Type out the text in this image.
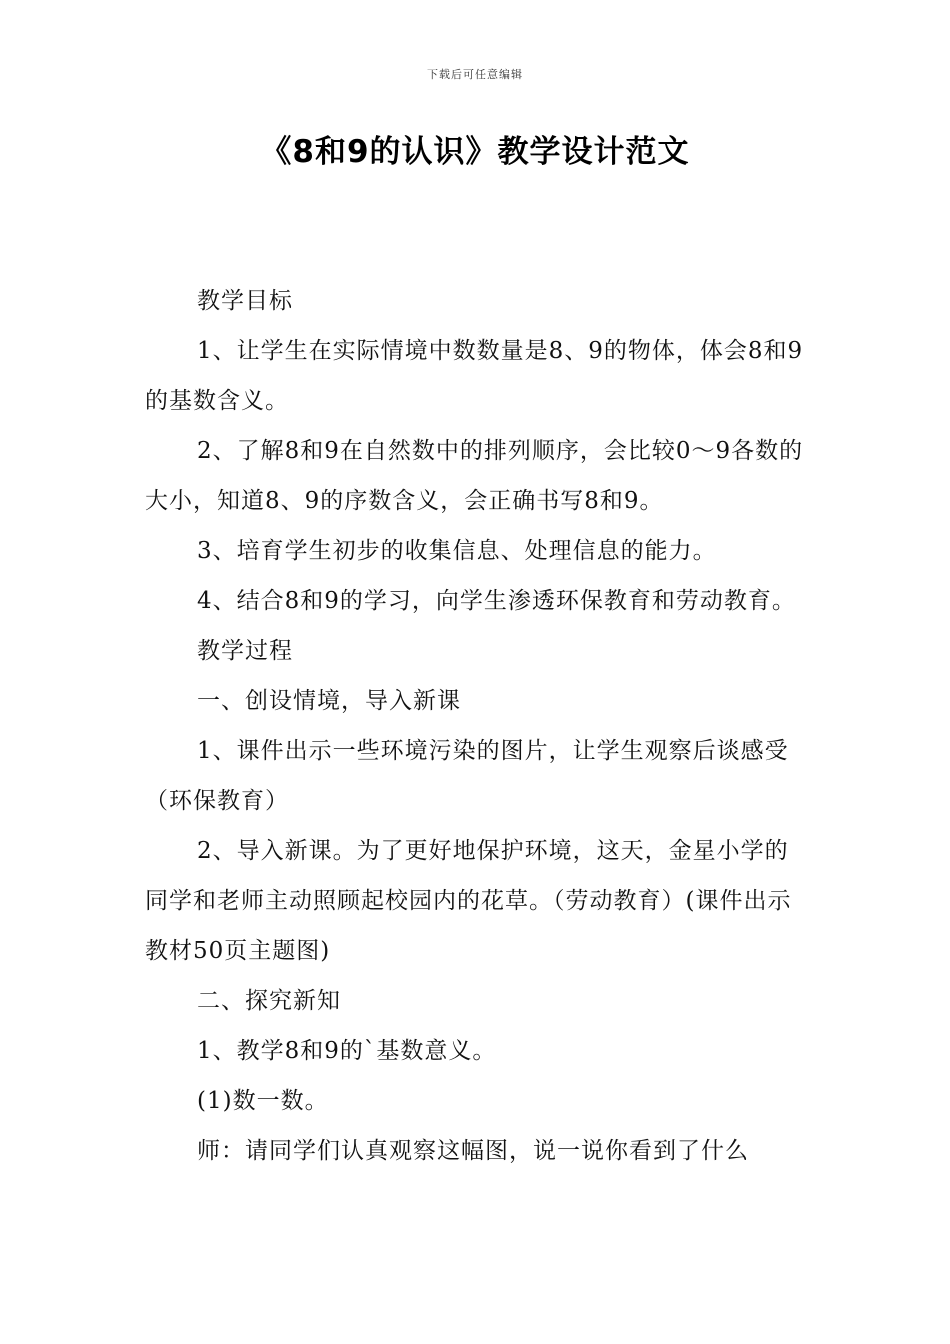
下载后可任意编辑
《8和9的认识》教学设计范文

教学目标

1、让学生在实际情境中数数量是8、9的物体，体会8和9的基数含义。

2、了解8和9在自然数中的排列顺序，会比较0～9各数的大小，知道8、9的序数含义，会正确书写8和9。

3、培育学生初步的收集信息、处理信息的能力。

4、结合8和9的学习，向学生渗透环保教育和劳动教育。

教学过程

一、创设情境，导入新课

1、课件出示一些环境污染的图片，让学生观察后谈感受 （环保教育）

2、导入新课。为了更好地保护环境，这天，金星小学的同学和老师主动照顾起校园内的花草。（劳动教育）(课件出示教材50页主题图)

二、探究新知

1、教学8和9的`基数意义。

(1)数一数。

师：请同学们认真观察这幅图，说一说你看到了什么
